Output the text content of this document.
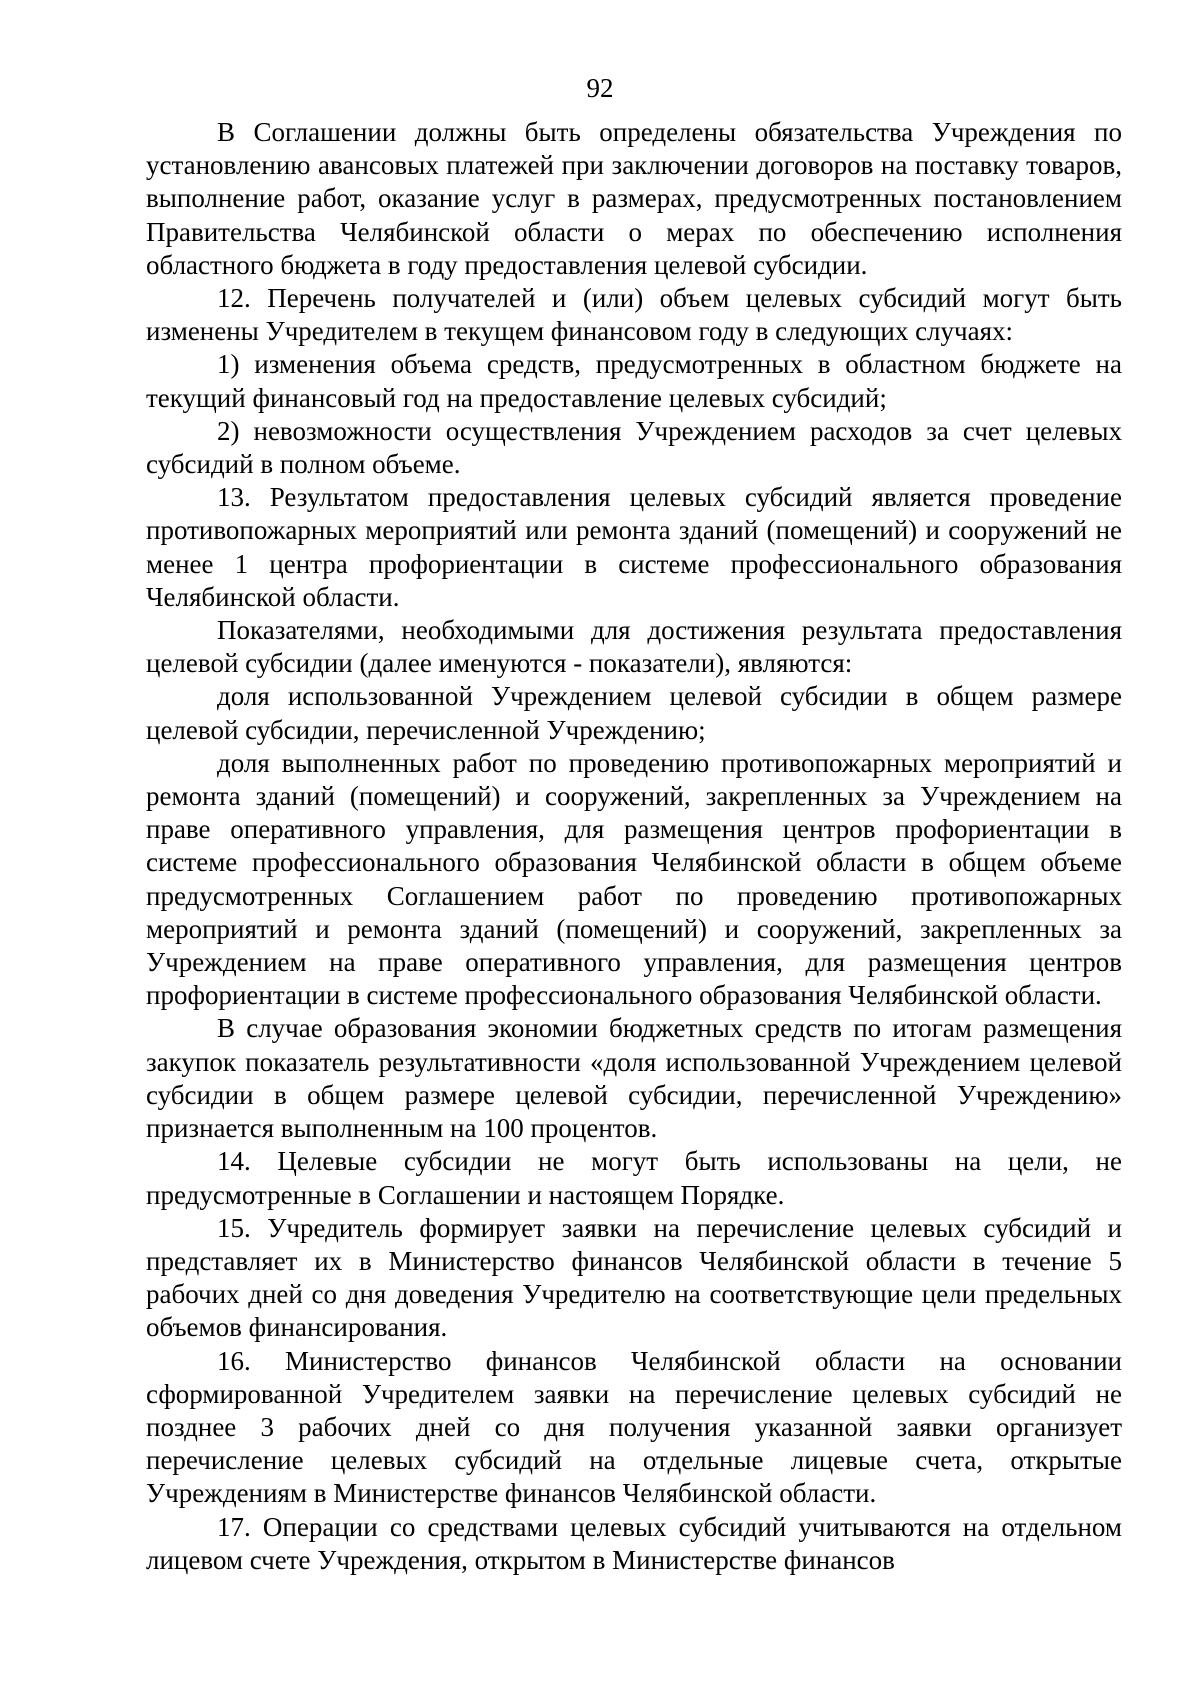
92

В Соглашении должны быть определены обязательства Учреждения по установлению авансовых платежей при заключении договоров на поставку товаров, выполнение работ, оказание услуг в размерах, предусмотренных постановлением Правительства Челябинской области о мерах по обеспечению исполнения областного бюджета в году предоставления целевой субсидии.

12. Перечень получателей и (или) объем целевых субсидий могут быть изменены Учредителем в текущем финансовом году в следующих случаях:

1) изменения объема средств, предусмотренных в областном бюджете на текущий финансовый год на предоставление целевых субсидий;

2) невозможности осуществления Учреждением расходов за счет целевых субсидий в полном объеме.

13. Результатом предоставления целевых субсидий является проведение противопожарных мероприятий или ремонта зданий (помещений) и сооружений не менее 1 центра профориентации в системе профессионального образования Челябинской области.

Показателями, необходимыми для достижения результата предоставления целевой субсидии (далее именуются - показатели), являются:

доля использованной Учреждением целевой субсидии в общем размере целевой субсидии, перечисленной Учреждению;

доля выполненных работ по проведению противопожарных мероприятий и ремонта зданий (помещений) и сооружений, закрепленных за Учреждением на праве оперативного управления, для размещения центров профориентации в системе профессионального образования Челябинской области в общем объеме предусмотренных Соглашением работ по проведению противопожарных мероприятий и ремонта зданий (помещений) и сооружений, закрепленных за Учреждением на праве оперативного управления, для размещения центров профориентации в системе профессионального образования Челябинской области.

В случае образования экономии бюджетных средств по итогам размещения закупок показатель результативности «доля использованной Учреждением целевой субсидии в общем размере целевой субсидии, перечисленной Учреждению» признается выполненным на 100 процентов.

14. Целевые субсидии не могут быть использованы на цели, не предусмотренные в Соглашении и настоящем Порядке.

15. Учредитель формирует заявки на перечисление целевых субсидий и представляет их в Министерство финансов Челябинской области в течение 5 рабочих дней со дня доведения Учредителю на соответствующие цели предельных объемов финансирования.

16. Министерство финансов Челябинской области на основании сформированной Учредителем заявки на перечисление целевых субсидий не позднее 3 рабочих дней со дня получения указанной заявки организует перечисление целевых субсидий на отдельные лицевые счета, открытые Учреждениям в Министерстве финансов Челябинской области.

17. Операции со средствами целевых субсидий учитываются на отдельном лицевом счете Учреждения, открытом в Министерстве финансов
